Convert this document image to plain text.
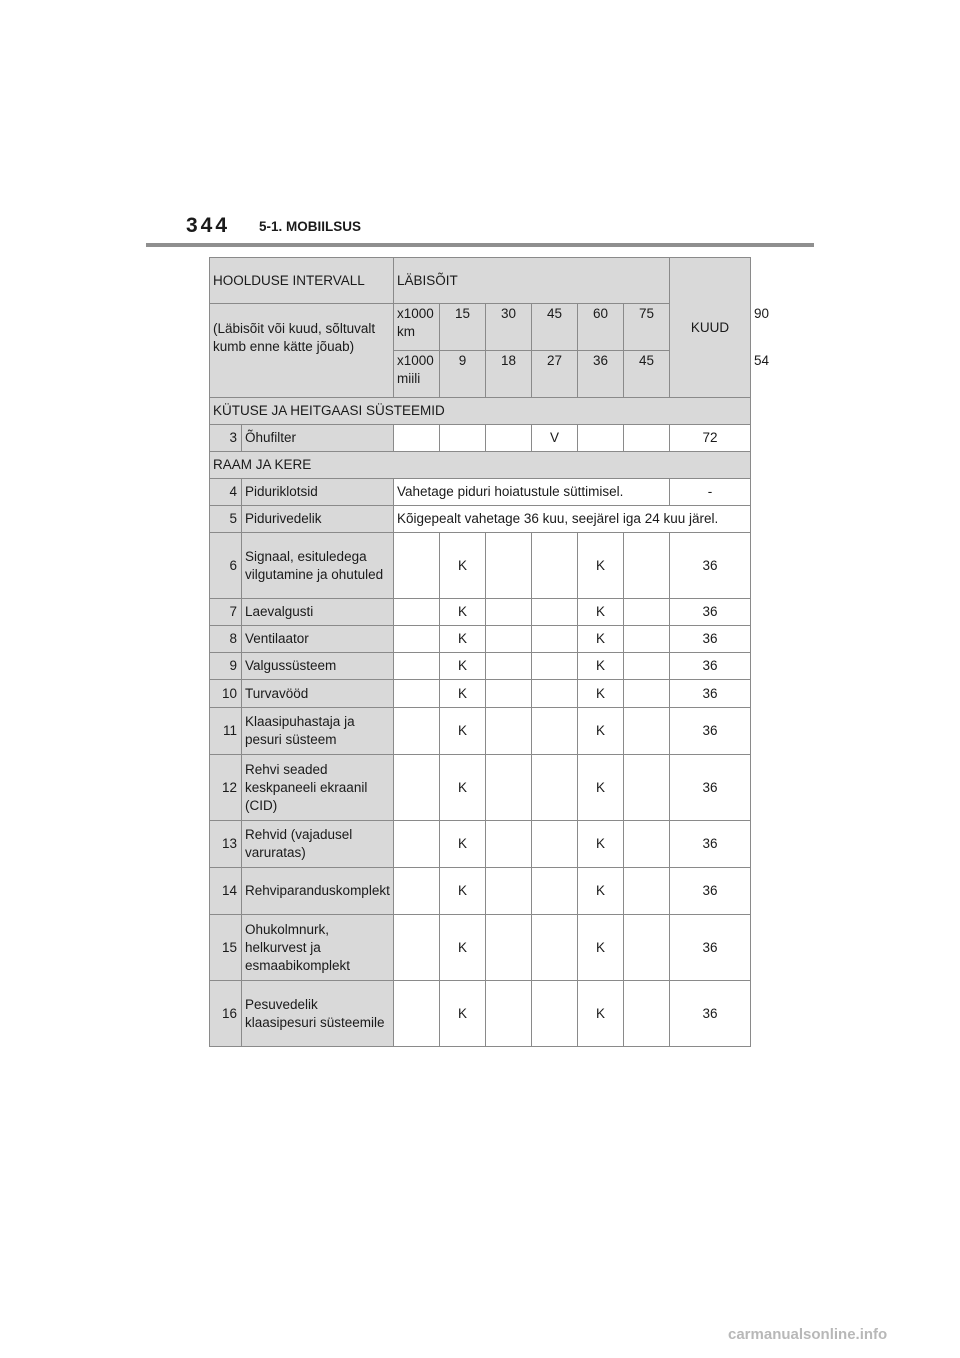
344 5-1. MOBIILSUS
HOOLDUSE INTERVALL		LÄBISÕIT						KUUD	
(Läbisõit või kuud, sõltuvalt kumb enne kätte jõuab)		x1000 km	15	30	45	60	75		90
		x1000 miili	9	18	27	36	45		54
KÜTUSE JA HEITGAASI SÜSTEEMID									
3	Õhufilter				V			72	
RAAM JA KERE									
4	Piduriklotsid	Vahetage piduri hoiatustule süttimisel.						-	
5	Pidurivedelik	Kõigepealt vahetage 36 kuu, seejärel iga 24 kuu järel.							
6	Signaal, esituledega vilgutamine ja ohutuled		K			K		36	
7	Laevalgusti		K			K		36	
8	Ventilaator		K			K		36	
9	Valgussüsteem		K			K		36	
10	Turvavööd		K			K		36	
11	Klaasipuhastaja ja pesuri süsteem		K			K		36	
12	Rehvi seaded keskpaneeli ekraanil (CID)		K			K		36	
13	Rehvid (vajadusel varuratas)		K			K		36	
14	Rehviparanduskomplekt		K			K		36	
15	Ohukolmnurk, helkurvest ja esmaabikomplekt		K			K		36	
16	Pesuvedelik klaasipesuri süsteemile		K			K		36	
carmanualsonline.info
